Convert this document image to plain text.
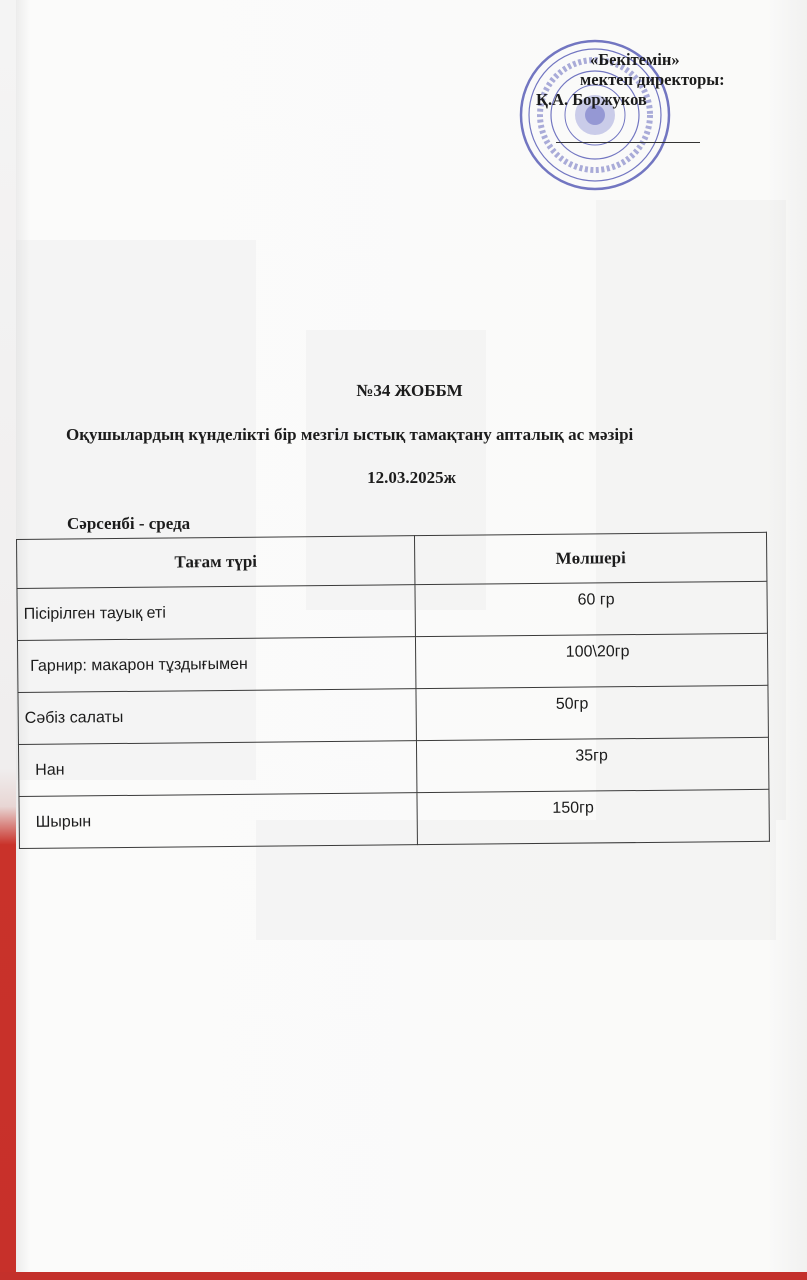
«Бекітемін»
мектеп директоры:
Қ.А. Боржуков
№34 ЖОББМ
Оқушылардың күнделікті бір мезгіл ыстық тамақтану апталық ас мәзірі
12.03.2025ж
Сәрсенбі - среда
Тағам түрі	Мөлшері
Пісірілген тауық еті	60 гр
Гарнир: макарон тұздығымен	100\20гр
Сәбіз салаты	50гр
Нан	35гр
Шырын	150гр
